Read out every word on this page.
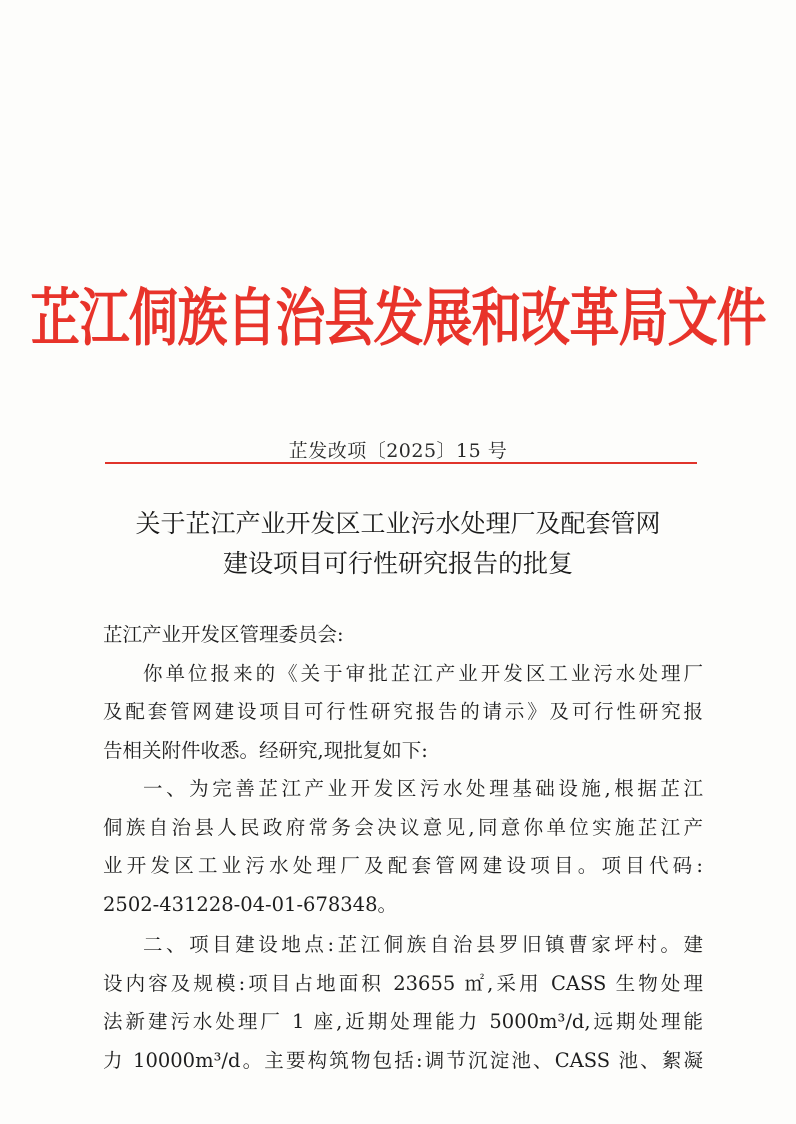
芷江侗族自治县发展和改革局文件
芷发改项〔2025〕15 号
关于芷江产业开发区工业污水处理厂及配套管网
建设项目可行性研究报告的批复

芷江产业开发区管理委员会:

你单位报来的《关于审批芷江产业开发区工业污水处理厂

及配套管网建设项目可行性研究报告的请示》及可行性研究报

告相关附件收悉。经研究,现批复如下:

一、为完善芷江产业开发区污水处理基础设施,根据芷江

侗族自治县人民政府常务会决议意见,同意你单位实施芷江产

业开发区工业污水处理厂及配套管网建设项目。项目代码:

2502-431228-04-01-678348。

二、项目建设地点:芷江侗族自治县罗旧镇曹家坪村。建

设内容及规模:项目占地面积 23655 ㎡,采用 CASS 生物处理

法新建污水处理厂 1 座,近期处理能力 5000m³/d,远期处理能

力 10000m³/d。主要构筑物包括:调节沉淀池、CASS 池、絮凝
